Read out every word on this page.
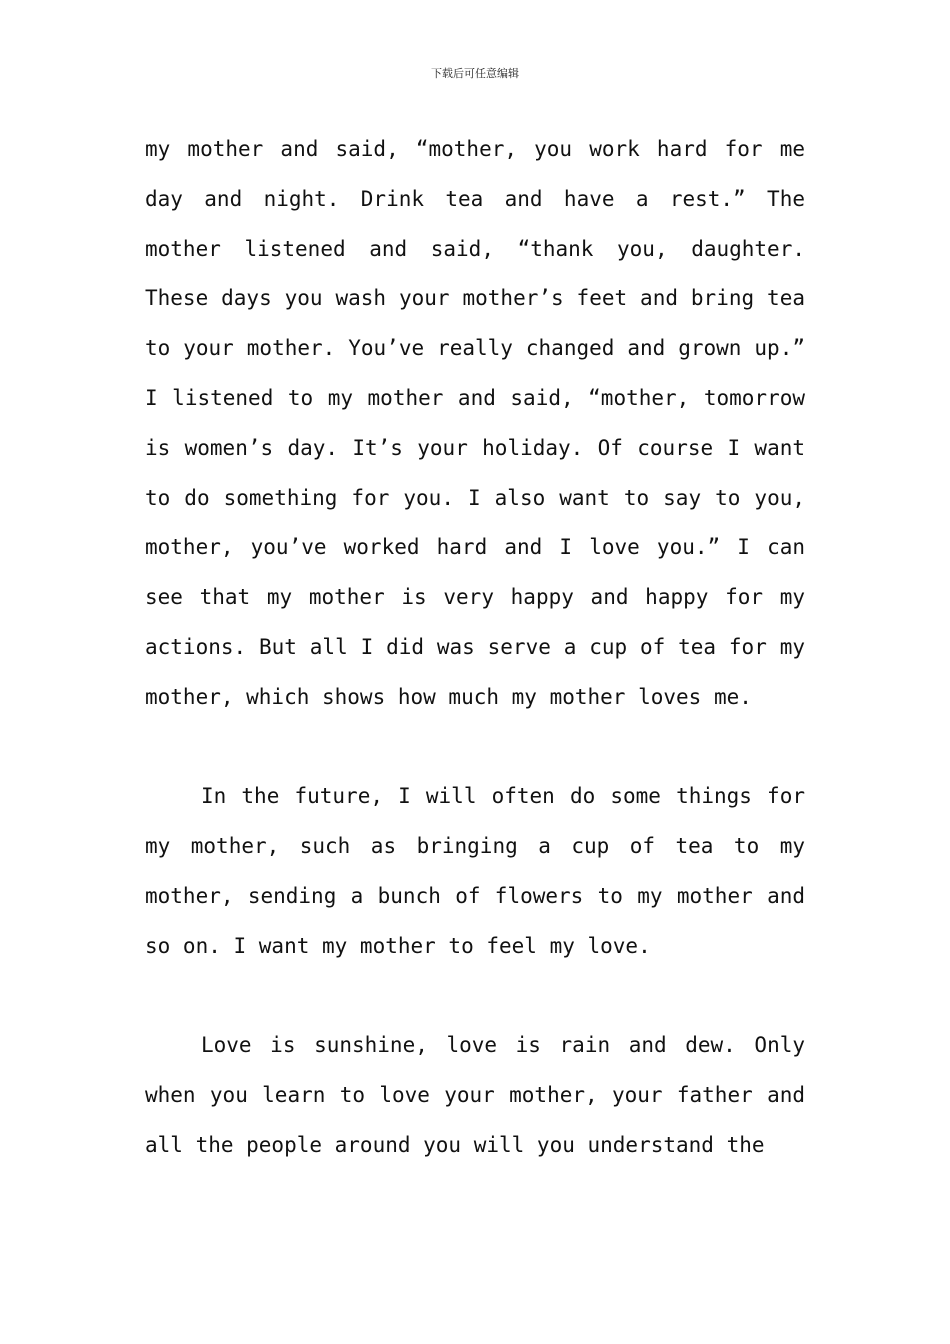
下载后可任意编辑

my mother and said, “mother, you work hard for me day and night. Drink tea and have a rest.” The mother listened and said, “thank you, daughter. These days you wash your mother’s feet and bring tea to your mother. You’ve really changed and grown up.” I listened to my mother and said, “mother, tomorrow is women’s day. It’s your holiday. Of course I want to do something for you. I also want to say to you, mother, you’ve worked hard and I love you.” I can see that my mother is very happy and happy for my actions. But all I did was serve a cup of tea for my mother, which shows how much my mother loves me.

In the future, I will often do some things for my mother, such as bringing a cup of tea to my mother, sending a bunch of flowers to my mother and so on. I want my mother to feel my love.

Love is sunshine, love is rain and dew. Only when you learn to love your mother, your father and all the people around you will you understand the
